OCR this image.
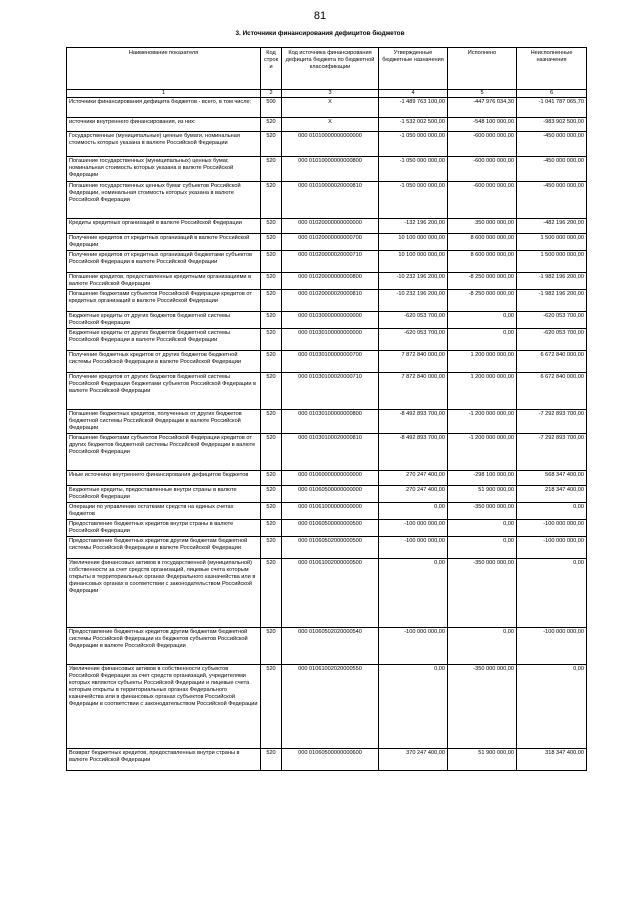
81
3. Источники финансирования дефицитов бюджетов
Наименование показателя	Код строк и	Код источника финансирования дефицита бюджета по бюджетной классификации	Утвержденные бюджетные назначения	Исполнено	Неисполненные назначения
1	2	3	4	5	6
Источники финансирования дефицита бюджетов - всего, в том числе:	500	X	-1 489 763 100,00	-447 976 034,30	-1 041 787 065,70
источники внутреннего финансирования, из них:	520	X	-1 532 002 500,00	-548 100 000,00	-983 902 500,00
Государственные (муниципальные) ценные бумаги, номинальная стоимость которых указана в валюте Российской Федерации	520	000 01010000000000000	-1 050 000 000,00	-600 000 000,00	-450 000 000,00
Погашение государственных (муниципальных) ценных бумаг, номинальная стоимость которых указана в валюте Российской Федерации	520	000 01010000000000800	-1 050 000 000,00	-600 000 000,00	-450 000 000,00
Погашение государственных ценных бумаг субъектов Российской Федерации, номинальная стоимость которых указана в валюте Российской Федерации	520	000 01010000020000810	-1 050 000 000,00	-600 000 000,00	-450 000 000,00
Кредиты кредитных организаций в валюте Российской Федерации	520	000 01020000000000000	-132 196 200,00	350 000 000,00	-482 196 200,00
Получение кредитов от кредитных организаций в валюте Российской Федерации	520	000 01020000000000700	10 100 000 000,00	8 600 000 000,00	1 500 000 000,00
Получение кредитов от кредитных организаций бюджетами субъектов Российской Федерации в валюте Российской Федерации	520	000 01020000020000710	10 100 000 000,00	8 600 000 000,00	1 500 000 000,00
Погашение кредитов, предоставленных кредитными организациями в валюте Российской Федерации	520	000 01020000000000800	-10 232 196 200,00	-8 250 000 000,00	-1 982 196 200,00
Погашение бюджетами субъектов Российской Федерации кредитов от кредитных организаций в валюте Российской Федерации	520	000 01020000020000810	-10 232 196 200,00	-8 250 000 000,00	-1 982 196 200,00
Бюджетные кредиты от других бюджетов бюджетной системы Российской Федерации	520	000 01030000000000000	-620 053 700,00	0,00	-620 053 700,00
Бюджетные кредиты от других бюджетов бюджетной системы Российской Федерации в валюте Российской Федерации	520	000 01030100000000000	-620 053 700,00	0,00	-620 053 700,00
Получение бюджетных кредитов от других бюджетов бюджетной системы Российской Федерации в валюте Российской Федерации	520	000 01030100000000700	7 872 840 000,00	1 200 000 000,00	6 672 840 000,00
Получение кредитов от других бюджетов бюджетной системы Российской Федерации бюджетами субъектов Российской Федерации в валюте Российской Федерации	520	000 01030100020000710	7 872 840 000,00	1 200 000 000,00	6 672 840 000,00
Погашение бюджетных кредитов, полученных от других бюджетов бюджетной системы Российской Федерации в валюте Российской Федерации	520	000 01030100000000800	-8 492 893 700,00	-1 200 000 000,00	-7 292 893 700,00
Погашение бюджетами субъектов Российской Федерации кредитов от других бюджетов бюджетной системы Российской Федерации в валюте Российской Федерации	520	000 01030100020000810	-8 492 893 700,00	-1 200 000 000,00	-7 292 893 700,00
Иные источники внутреннего финансирования дефицитов бюджетов	520	000 01060000000000000	270 247 400,00	-298 100 000,00	568 347 400,00
Бюджетные кредиты, предоставленные внутри страны в валюте Российской Федерации	520	000 01060500000000000	270 247 400,00	51 900 000,00	218 347 400,00
Операции по управлению остатками средств на единых счетах бюджетов	520	000 01061000000000000	0,00	-350 000 000,00	0,00
Предоставление бюджетных кредитов внутри страны в валюте Российской Федерации	520	000 01060500000000500	-100 000 000,00	0,00	-100 000 000,00
Предоставление бюджетных кредитов другим бюджетам бюджетной системы Российской Федерации в валюте Российской Федерации	520	000 01060502000000500	-100 000 000,00	0,00	-100 000 000,00
Увеличение финансовых активов в государственной (муниципальной) собственности за счет средств организаций, лицевые счета которым открыты в территориальных органах Федерального казначейства или в финансовых органах в соответствии с законодательством Российской Федерации	520	000 01061002000000500	0,00	-350 000 000,00	0,00
Предоставление бюджетных кредитов другим бюджетам бюджетной системы Российской Федерации из бюджетов субъектов Российской Федерации в валюте Российской Федерации	520	000 01060502020000540	-100 000 000,00	0,00	-100 000 000,00
Увеличение финансовых активов в собственности субъектов Российской Федерации за счет средств организаций, учредителями которых являются субъекты Российской Федерации и лицевые счета которым открыты в территориальных органах Федерального казначейства или в финансовых органах субъектов Российской Федерации в соответствии с законодательством Российской Федерации	520	000 01061002020000550	0,00	-350 000 000,00	0,00
Возврат бюджетных кредитов, предоставленных внутри страны в валюте Российской Федерации	520	000 01060500000000600	370 247 400,00	51 900 000,00	318 347 400,00
